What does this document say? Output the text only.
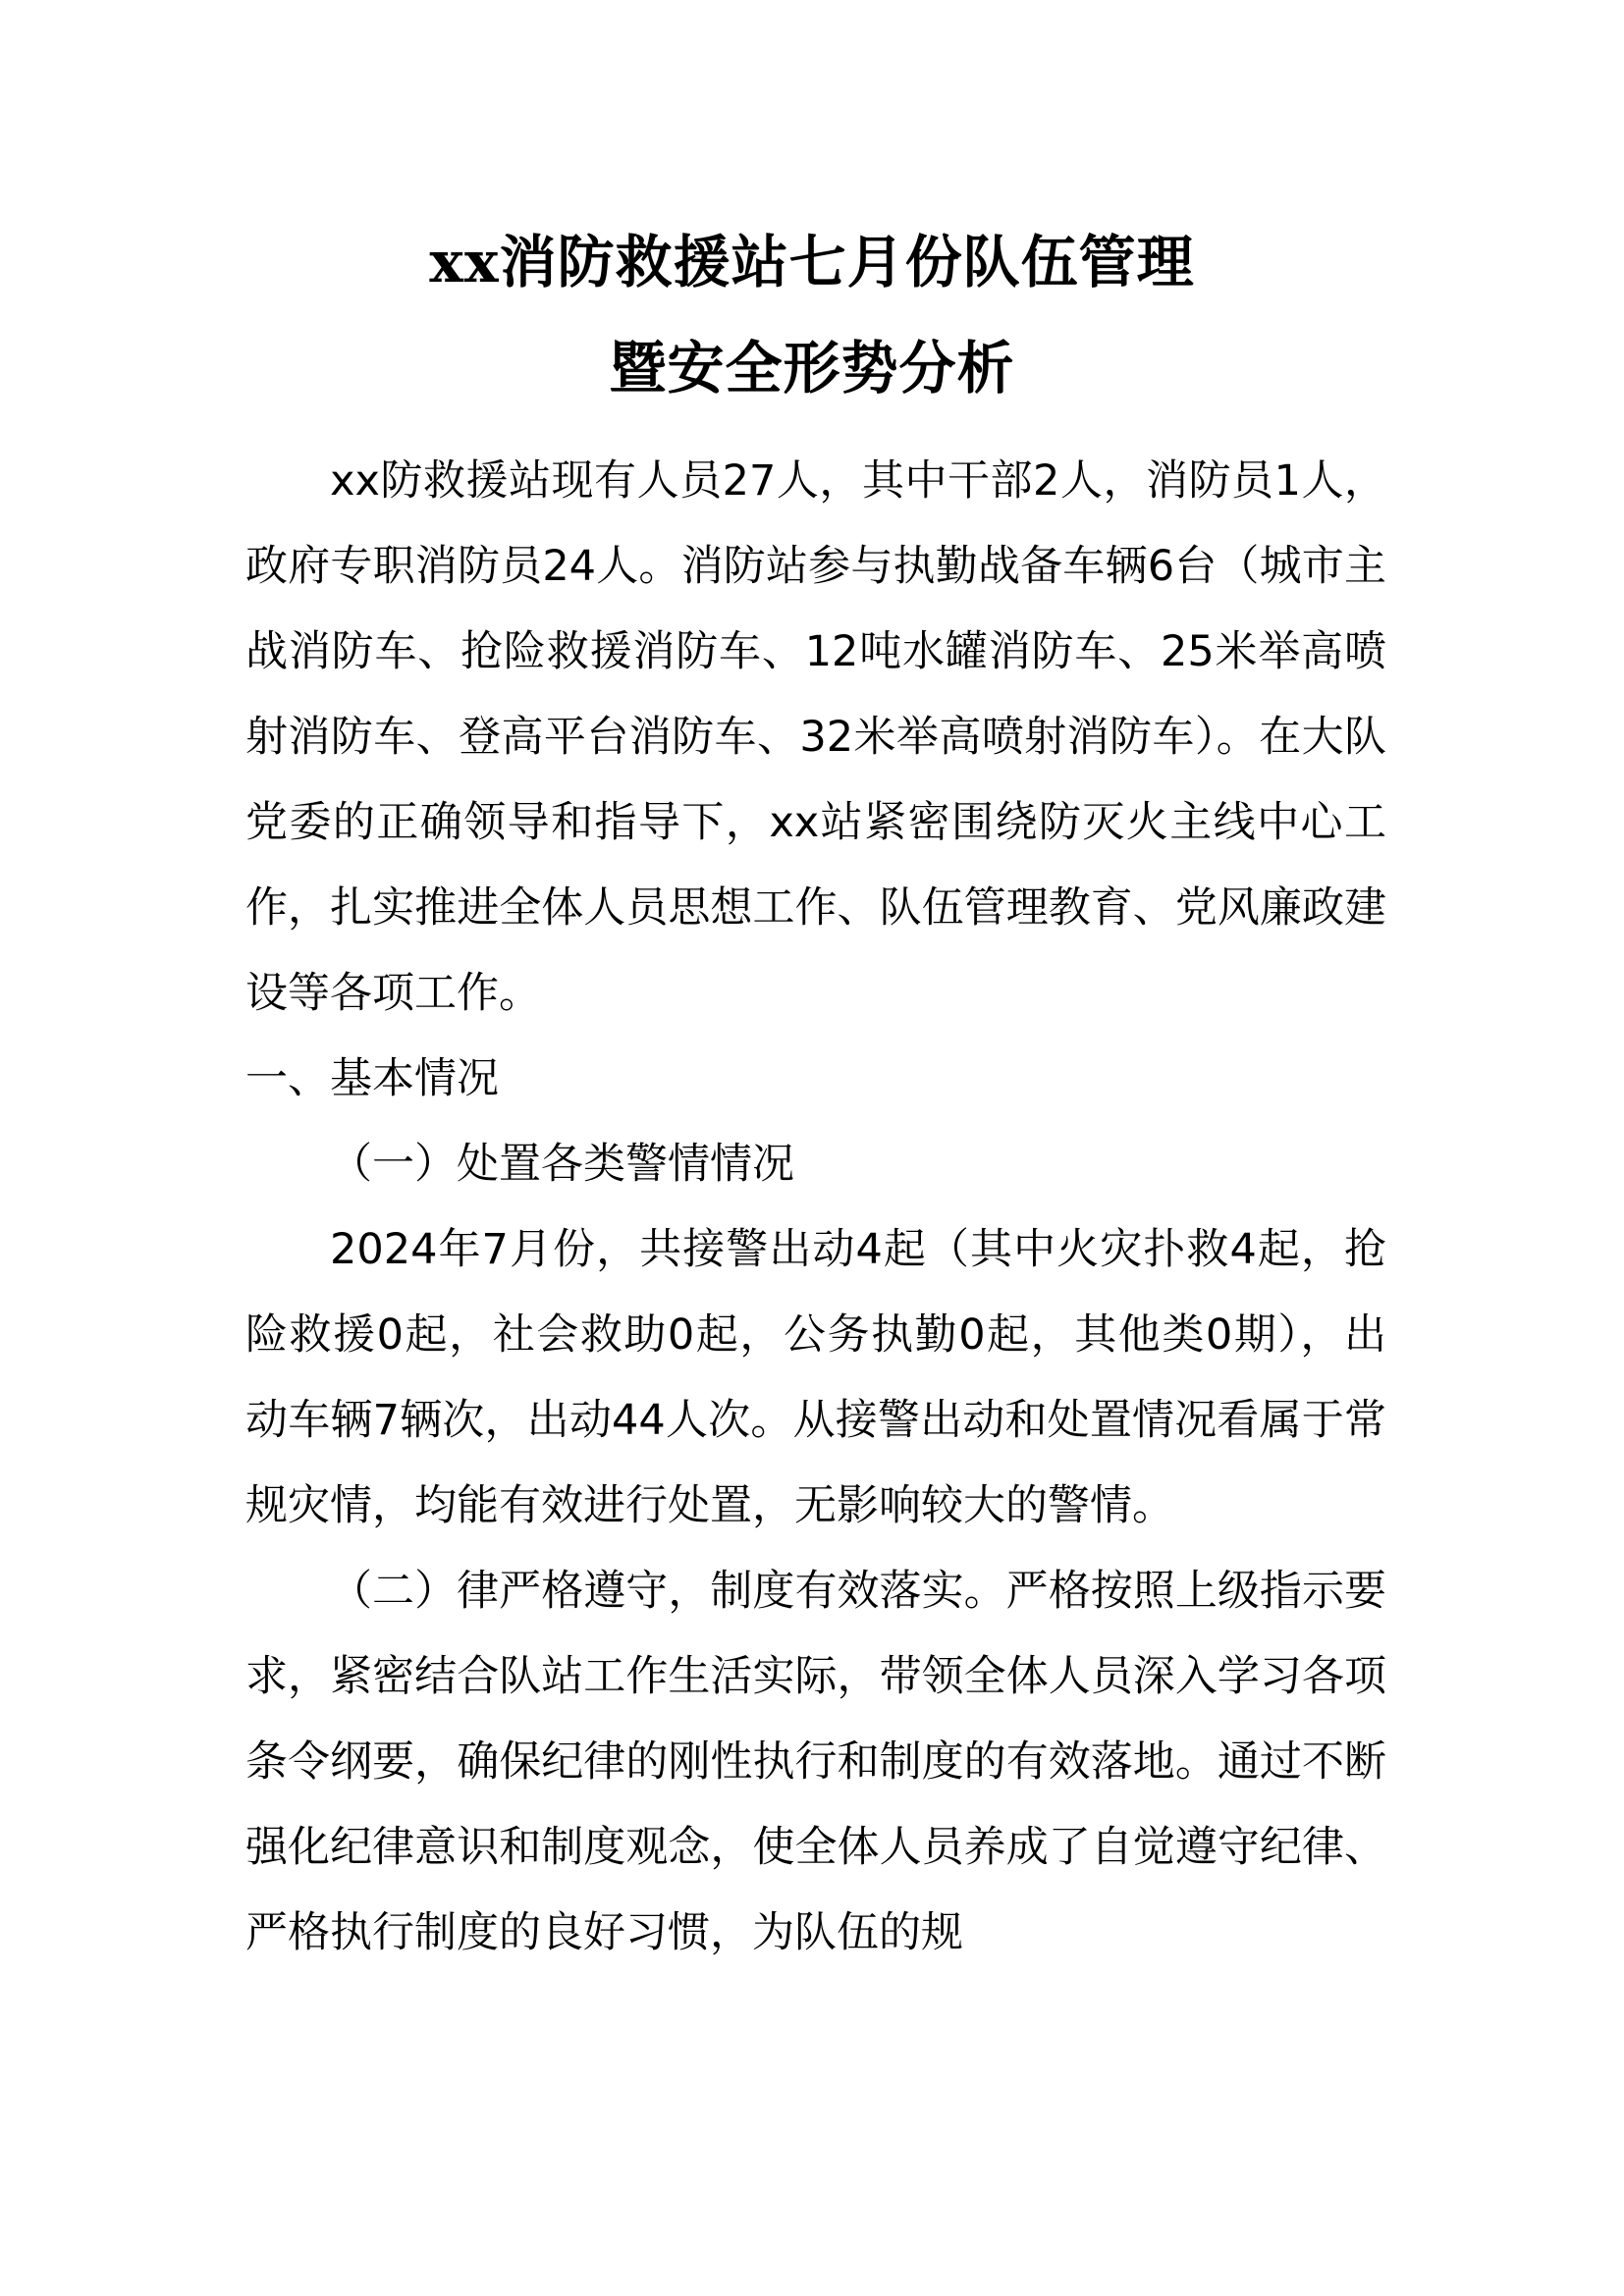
xx消防救援站七月份队伍管理
暨安全形势分析

xx防救援站现有人员27人，其中干部2人，消防员1人，政府专职消防员24人。消防站参与执勤战备车辆6台（城市主战消防车、抢险救援消防车、12吨水罐消防车、25米举高喷射消防车、登高平台消防车、32米举高喷射消防车）。在大队党委的正确领导和指导下，xx站紧密围绕防灭火主线中心工作，扎实推进全体人员思想工作、队伍管理教育、党风廉政建设等各项工作。

一、基本情况

（一）处置各类警情情况

2024年7月份，共接警出动4起（其中火灾扑救4起，抢险救援0起，社会救助0起，公务执勤0起，其他类0期），出动车辆7辆次，出动44人次。从接警出动和处置情况看属于常规灾情，均能有效进行处置，无影响较大的警情。

（二）律严格遵守，制度有效落实。严格按照上级指示要求，紧密结合队站工作生活实际，带领全体人员深入学习各项条令纲要，确保纪律的刚性执行和制度的有效落地。通过不断强化纪律意识和制度观念，使全体人员养成了自觉遵守纪律、严格执行制度的良好习惯，为队伍的规
